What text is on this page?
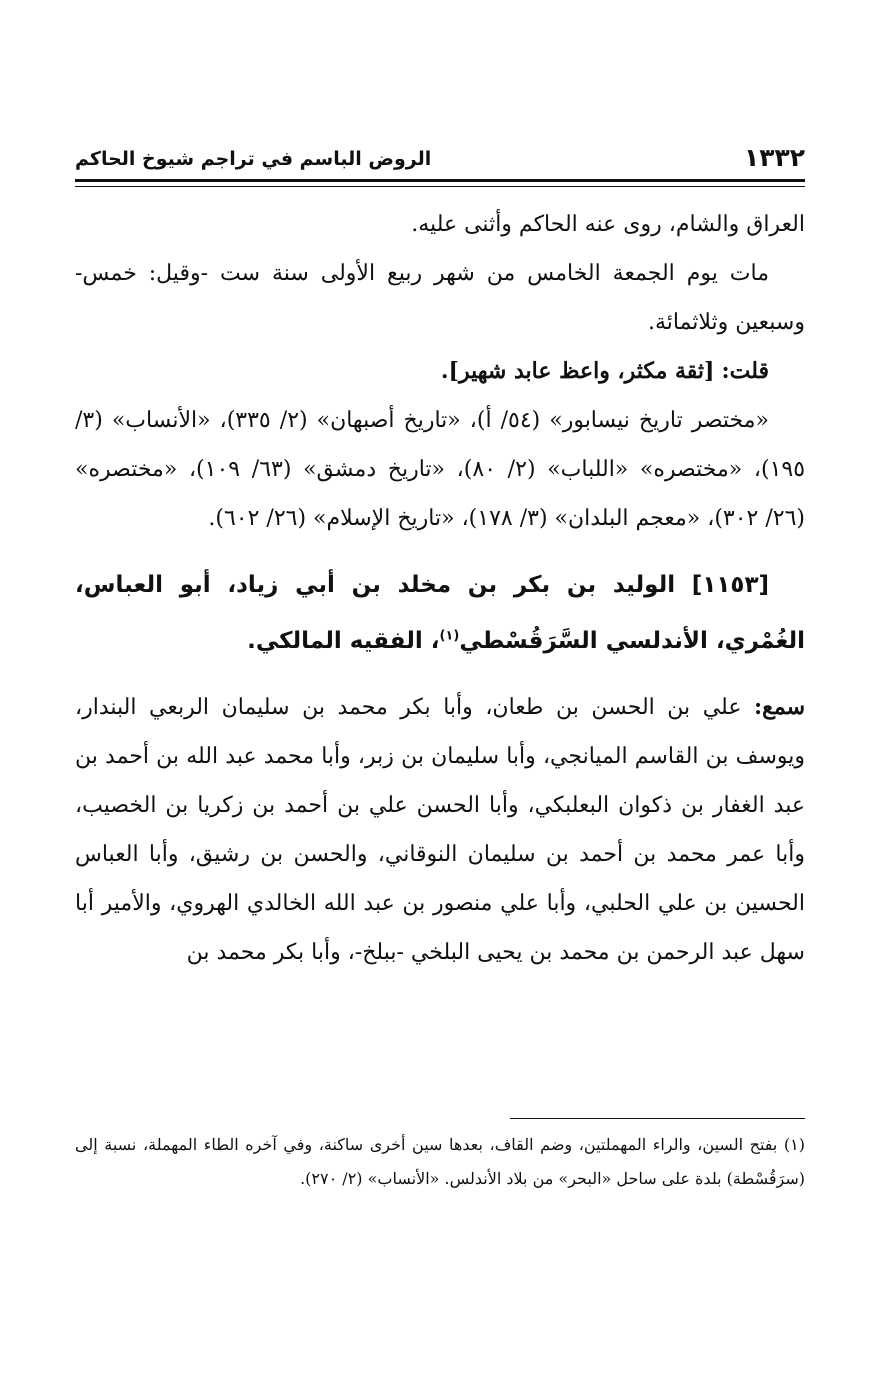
١٣٣٢
الروض الباسم في تراجم شيوخ الحاكم

العراق والشام، روى عنه الحاكم وأثنى عليه.

مات يوم الجمعة الخامس من شهر ربيع الأولى سنة ست -وقيل: خمس- وسبعين وثلاثمائة.

قلت: [ثقة مكثر، واعظ عابد شهير].

«مختصر تاريخ نيسابور» (٥٤/ أ)، «تاريخ أصبهان» (٢/ ٣٣٥)، «الأنساب» (٣/ ١٩٥)، «مختصره» «اللباب» (٢/ ٨٠)، «تاريخ دمشق» (٦٣/ ١٠٩)، «مختصره» (٢٦/ ٣٠٢)، «معجم البلدان» (٣/ ١٧٨)، «تاريخ الإسلام» (٢٦/ ٦٠٢).

[١١٥٣] الوليد بن بكر بن مخلد بن أبي زياد، أبو العباس، الغُمْري، الأندلسي السَّرَقُسْطي$^{(١)}$، الفقيه المالكي.

سمع: علي بن الحسن بن طعان، وأبا بكر محمد بن سليمان الربعي البندار، ويوسف بن القاسم الميانجي، وأبا سليمان بن زبر، وأبا محمد عبد الله بن أحمد بن عبد الغفار بن ذكوان البعلبكي، وأبا الحسن علي بن أحمد بن زكريا بن الخصيب، وأبا عمر محمد بن أحمد بن سليمان النوقاني، والحسن بن رشيق، وأبا العباس الحسين بن علي الحلبي، وأبا علي منصور بن عبد الله الخالدي الهروي، والأمير أبا سهل عبد الرحمن بن محمد بن يحيى البلخي -ببلخ-، وأبا بكر محمد بن

(١) بفتح السين، والراء المهملتين، وضم القاف، بعدها سين أخرى ساكنة، وفي آخره الطاء المهملة، نسبة إلى (سرَقُسْطة) بلدة على ساحل «البحر» من بلاد الأندلس. «الأنساب» (٢/ ٢٧٠).
